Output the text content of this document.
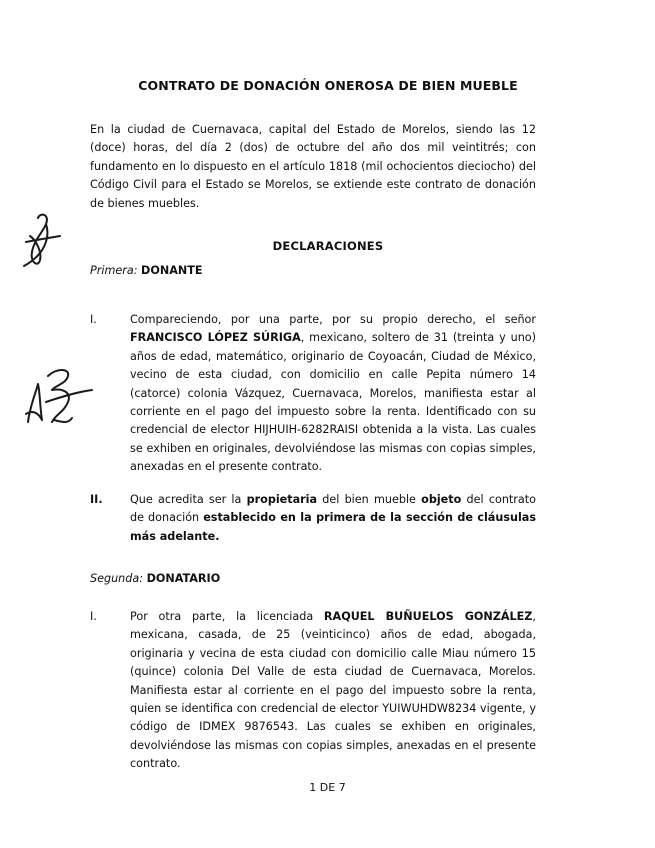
CONTRATO DE DONACIÓN ONEROSA DE BIEN MUEBLE

En la ciudad de Cuernavaca, capital del Estado de Morelos, siendo las 12 (doce) horas, del día 2 (dos) de octubre del año dos mil veintitrés; con fundamento en lo dispuesto en el artículo 1818 (mil ochocientos dieciocho) del Código Civil para el Estado se Morelos, se extiende este contrato de donación de bienes muebles.

DECLARACIONES
Primera: DONANTE
I.	Compareciendo, por una parte, por su propio derecho, el señor FRANCISCO LÓPEZ SÚRIGA, mexicano, soltero de 31 (treinta y uno) años de edad, matemático, originario de Coyoacán, Ciudad de México, vecino de esta ciudad, con domicilio en calle Pepita número 14 (catorce) colonia Vázquez, Cuernavaca, Morelos, manifiesta estar al corriente en el pago del impuesto sobre la renta. Identificado con su credencial de elector HIJHUIH-6282RAISI obtenida a la vista. Las cuales se exhiben en originales, devolviéndose las mismas con copias simples, anexadas en el presente contrato.
II.	Que acredita ser la propietaria del bien mueble objeto del contrato de donación establecido en la primera de la sección de cláusulas más adelante.
Segunda: DONATARIO
I.	Por otra parte, la licenciada RAQUEL BUÑUELOS GONZÁLEZ, mexicana, casada, de 25 (veinticinco) años de edad, abogada, originaria y vecina de esta ciudad con domicilio calle Miau número 15 (quince) colonia Del Valle de esta ciudad de Cuernavaca, Morelos. Manifiesta estar al corriente en el pago del impuesto sobre la renta, quien se identifica con credencial de elector YUIWUHDW8234 vigente, y código de IDMEX 9876543. Las cuales se exhiben en originales, devolviéndose las mismas con copias simples, anexadas en el presente contrato.
1 DE 7
